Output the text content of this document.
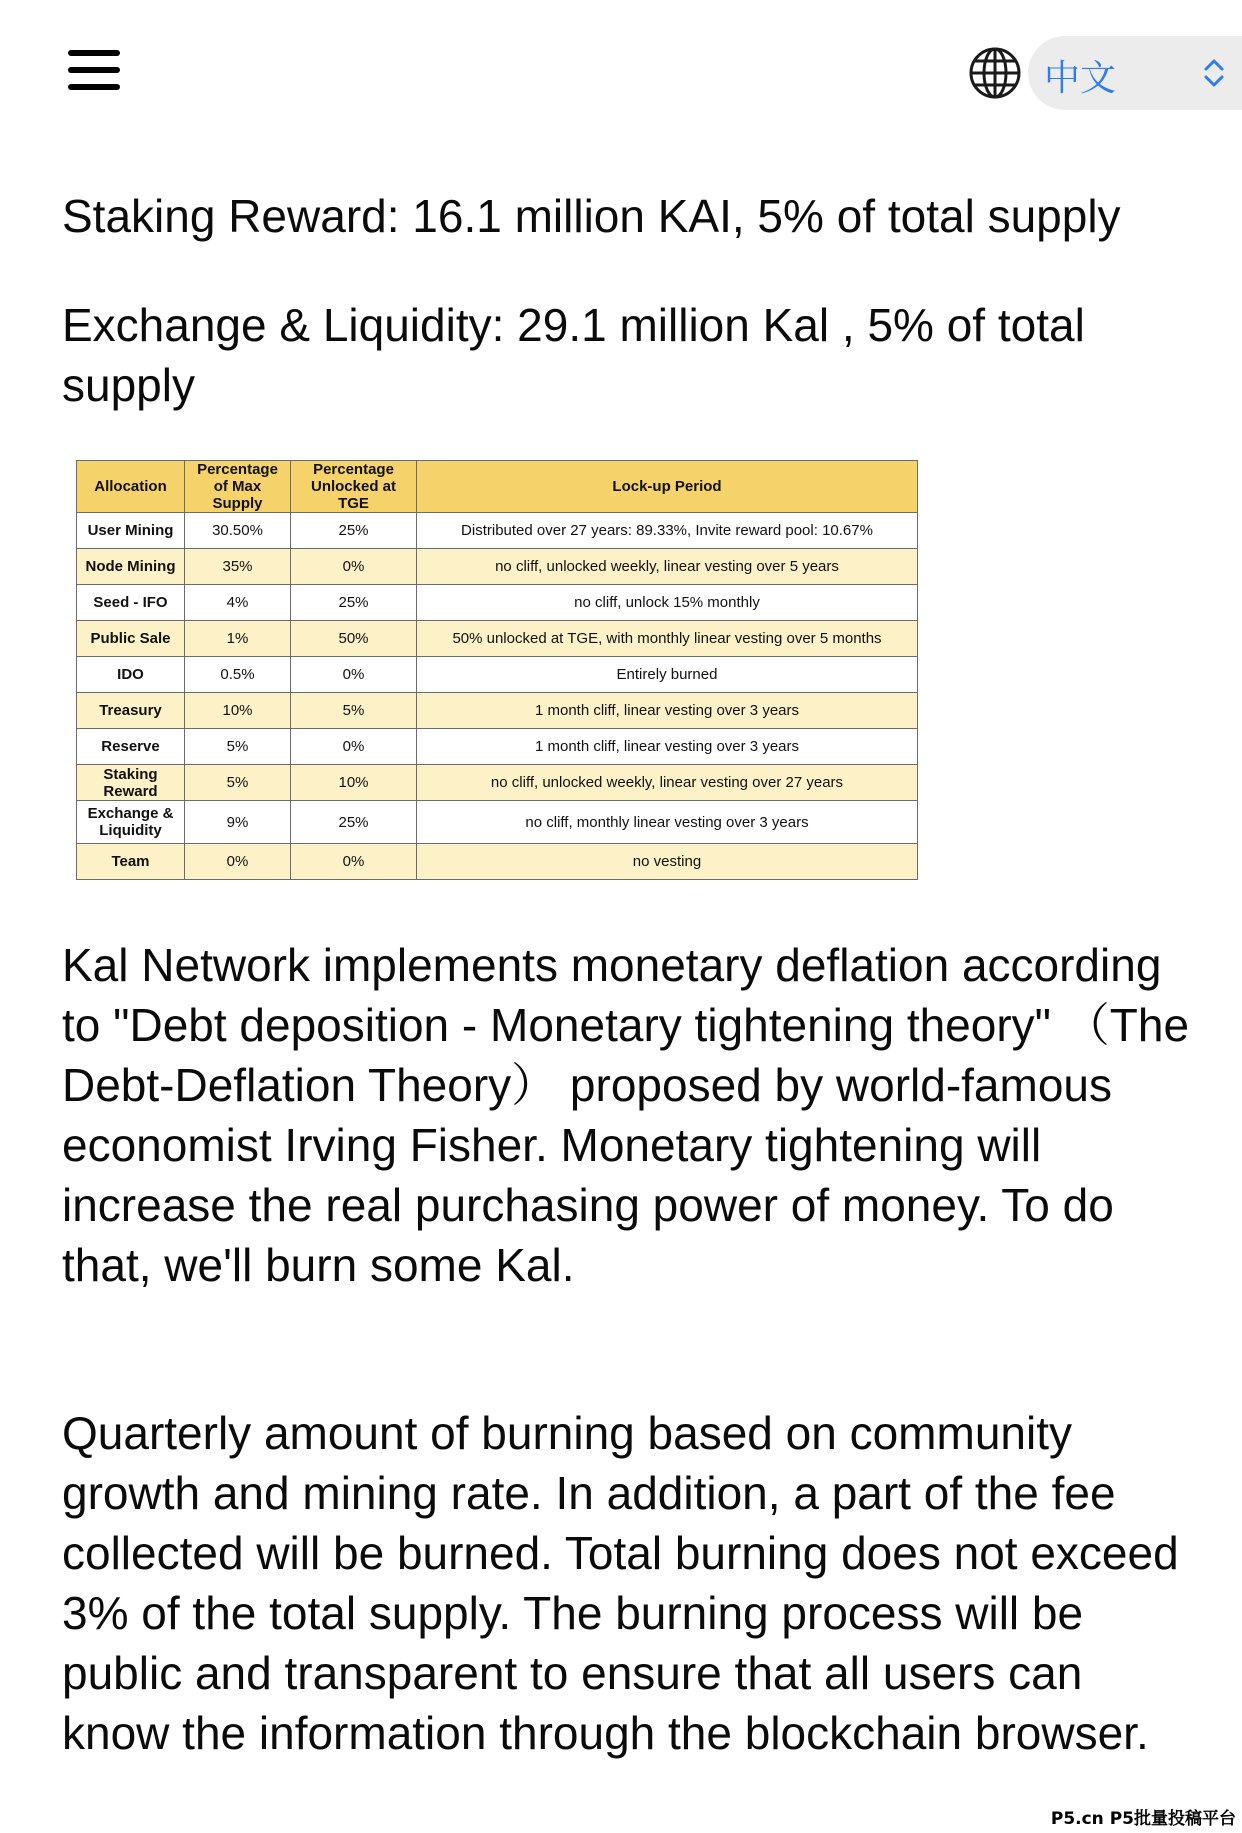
中文

Staking Reward: 16.1 million KAI, 5% of total supply

Exchange & Liquidity: 29.1 million Kal , 5% of total supply

Allocation	Percentage of Max Supply	Percentage Unlocked at TGE	Lock-up Period
User Mining	30.50%	25%	Distributed over 27 years: 89.33%, Invite reward pool: 10.67%
Node Mining	35%	0%	no cliff, unlocked weekly, linear vesting over 5 years
Seed - IFO	4%	25%	no cliff, unlock 15% monthly
Public Sale	1%	50%	50% unlocked at TGE, with monthly linear vesting over 5 months
IDO	0.5%	0%	Entirely burned
Treasury	10%	5%	1 month cliff, linear vesting over 3 years
Reserve	5%	0%	1 month cliff, linear vesting over 3 years
Staking Reward	5%	10%	no cliff, unlocked weekly, linear vesting over 27 years
Exchange & Liquidity	9%	25%	no cliff, monthly linear vesting over 3 years
Team	0%	0%	no vesting

Kal Network implements monetary deflation according to "Debt deposition - Monetary tightening theory" （The Debt-Deflation Theory） proposed by world-famous economist Irving Fisher. Monetary tightening will increase the real purchasing power of money. To do that, we'll burn some Kal.

Quarterly amount of burning based on community growth and mining rate. In addition, a part of the fee collected will be burned. Total burning does not exceed 3% of the total supply. The burning process will be public and transparent to ensure that all users can know the information through the blockchain browser.

P5.cn P5批量投稿平台
